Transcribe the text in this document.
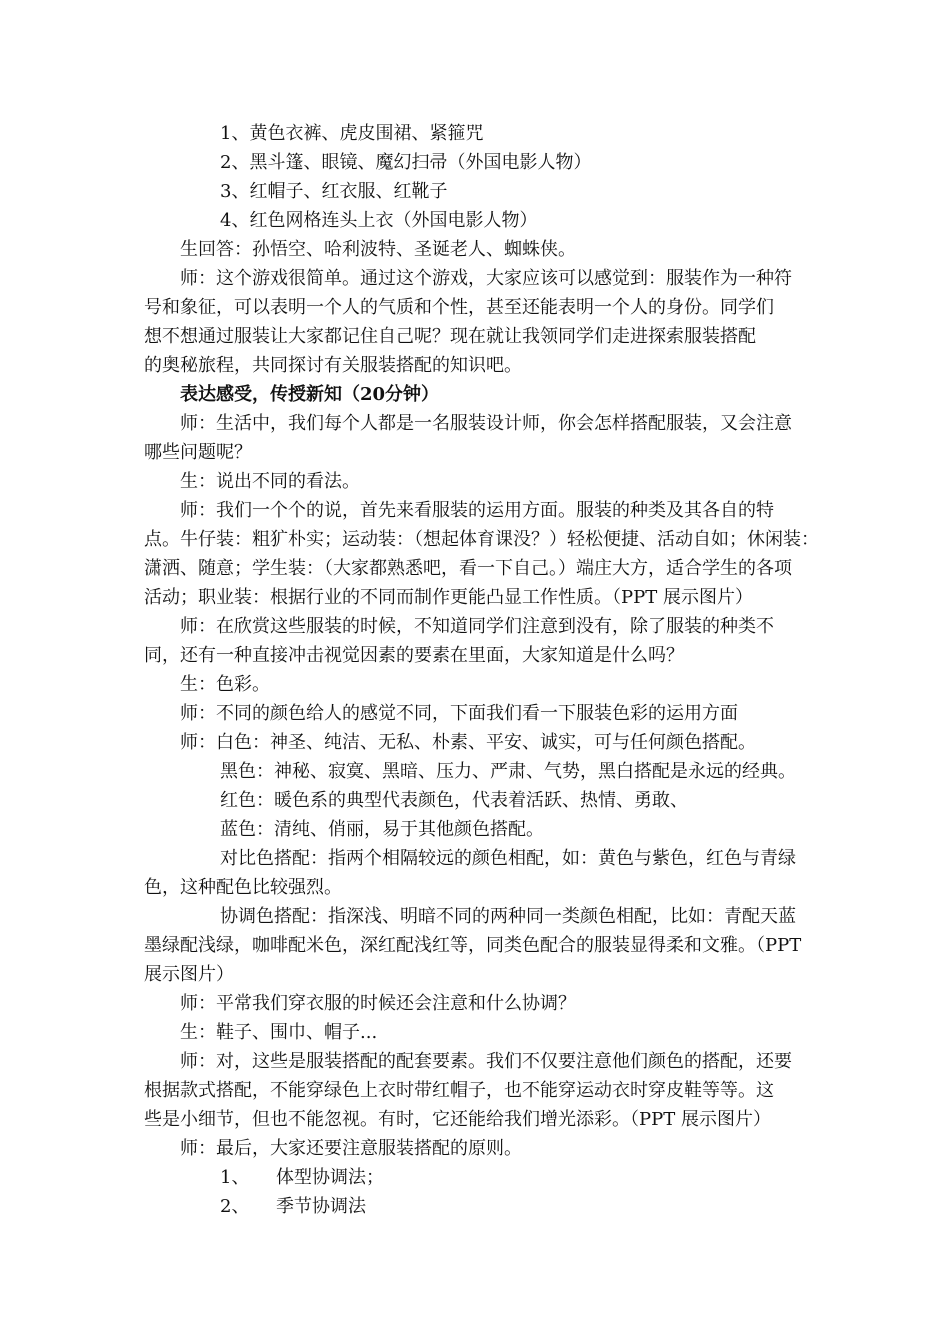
1、黄色衣裤、虎皮围裙、紧箍咒
2、黑斗篷、眼镜、魔幻扫帚（外国电影人物）
3、红帽子、红衣服、红靴子
4、红色网格连头上衣（外国电影人物）
生回答：孙悟空、哈利波特、圣诞老人、蜘蛛侠。
师：这个游戏很简单。通过这个游戏，大家应该可以感觉到：服装作为一种符
号和象征，可以表明一个人的气质和个性，甚至还能表明一个人的身份。同学们
想不想通过服装让大家都记住自己呢？现在就让我领同学们走进探索服装搭配
的奥秘旅程，共同探讨有关服装搭配的知识吧。
表达感受，传授新知（20分钟）
师：生活中，我们每个人都是一名服装设计师，你会怎样搭配服装，又会注意
哪些问题呢？
生：说出不同的看法。
师：我们一个个的说，首先来看服装的运用方面。服装的种类及其各自的特
点。牛仔装：粗犷朴实；运动装：（想起体育课没？）轻松便捷、活动自如；休闲装：
潇洒、随意；学生装：（大家都熟悉吧，看一下自己。）端庄大方，适合学生的各项
活动；职业装：根据行业的不同而制作更能凸显工作性质。（PPT 展示图片）
师：在欣赏这些服装的时候，不知道同学们注意到没有，除了服装的种类不
同，还有一种直接冲击视觉因素的要素在里面，大家知道是什么吗？
生：色彩。
师：不同的颜色给人的感觉不同，下面我们看一下服装色彩的运用方面
师：白色：神圣、纯洁、无私、朴素、平安、诚实，可与任何颜色搭配。
黑色：神秘、寂寞、黑暗、压力、严肃、气势，黑白搭配是永远的经典。
红色：暖色系的典型代表颜色，代表着活跃、热情、勇敢、
蓝色：清纯、俏丽，易于其他颜色搭配。
对比色搭配：指两个相隔较远的颜色相配，如：黄色与紫色，红色与青绿
色，这种配色比较强烈。
协调色搭配：指深浅、明暗不同的两种同一类颜色相配，比如：青配天蓝
墨绿配浅绿，咖啡配米色，深红配浅红等，同类色配合的服装显得柔和文雅。（PPT
展示图片）
师：平常我们穿衣服的时候还会注意和什么协调？
生：鞋子、围巾、帽子...
师：对，这些是服装搭配的配套要素。我们不仅要注意他们颜色的搭配，还要
根据款式搭配，不能穿绿色上衣时带红帽子，也不能穿运动衣时穿皮鞋等等。这
些是小细节，但也不能忽视。有时，它还能给我们增光添彩。（PPT 展示图片）
师：最后，大家还要注意服装搭配的原则。
1、 体型协调法；
2、 季节协调法
